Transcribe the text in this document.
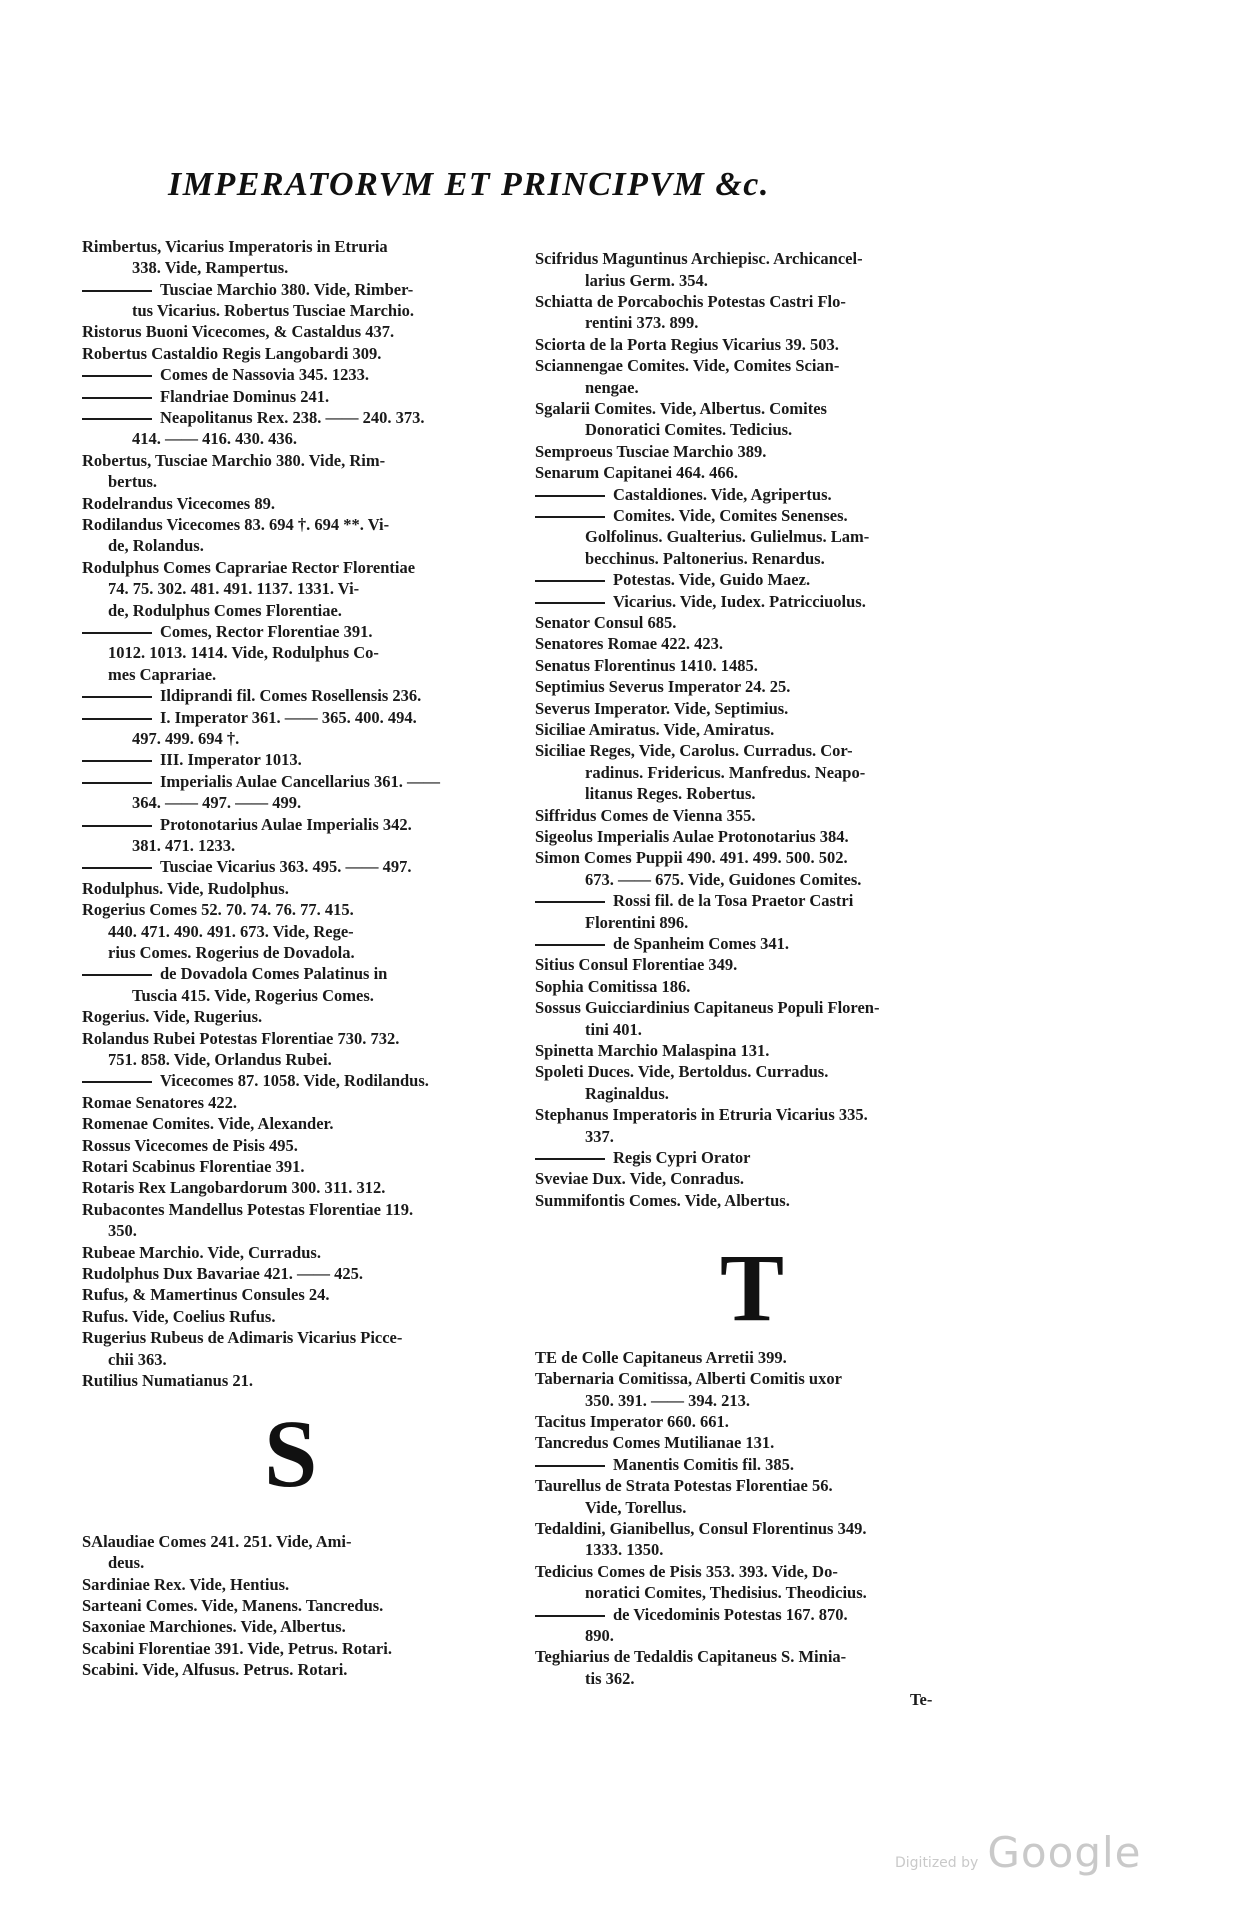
IMPERATORVM ET PRINCIPVM &c.
Rimbertus, Vicarius Imperatoris in Etruria
338. Vide, Rampertus.
Tusciae Marchio 380. Vide, Rimber-
tus Vicarius. Robertus Tusciae Marchio.
Ristorus Buoni Vicecomes, & Castaldus 437.
Robertus Castaldio Regis Langobardi 309.
Comes de Nassovia 345. 1233.
Flandriae Dominus 241.
Neapolitanus Rex. 238. —— 240. 373.
414. —— 416. 430. 436.
Robertus, Tusciae Marchio 380. Vide, Rim-
bertus.
Rodelrandus Vicecomes 89.
Rodilandus Vicecomes 83. 694 †. 694 **. Vi-
de, Rolandus.
Rodulphus Comes Caprariae Rector Florentiae
74. 75. 302. 481. 491. 1137. 1331. Vi-
de, Rodulphus Comes Florentiae.
Comes, Rector Florentiae 391.
1012. 1013. 1414. Vide, Rodulphus Co-
mes Caprariae.
Ildiprandi fil. Comes Rosellensis 236.
I. Imperator 361. —— 365. 400. 494.
497. 499. 694 †.
III. Imperator 1013.
Imperialis Aulae Cancellarius 361. ——
364. —— 497. —— 499.
Protonotarius Aulae Imperialis 342.
381. 471. 1233.
Tusciae Vicarius 363. 495. —— 497.
Rodulphus. Vide, Rudolphus.
Rogerius Comes 52. 70. 74. 76. 77. 415.
440. 471. 490. 491. 673. Vide, Rege-
rius Comes. Rogerius de Dovadola.
de Dovadola Comes Palatinus in
Tuscia 415. Vide, Rogerius Comes.
Rogerius. Vide, Rugerius.
Rolandus Rubei Potestas Florentiae 730. 732.
751. 858. Vide, Orlandus Rubei.
Vicecomes 87. 1058. Vide, Rodilandus.
Romae Senatores 422.
Romenae Comites. Vide, Alexander.
Rossus Vicecomes de Pisis 495.
Rotari Scabinus Florentiae 391.
Rotaris Rex Langobardorum 300. 311. 312.
Rubacontes Mandellus Potestas Florentiae 119.
350.
Rubeae Marchio. Vide, Curradus.
Rudolphus Dux Bavariae 421. —— 425.
Rufus, & Mamertinus Consules 24.
Rufus. Vide, Coelius Rufus.
Rugerius Rubeus de Adimaris Vicarius Picce-
chii 363.
Rutilius Numatianus 21.
S
SAlaudiae Comes 241. 251. Vide, Ami-
deus.
Sardiniae Rex. Vide, Hentius.
Sarteani Comes. Vide, Manens. Tancredus.
Saxoniae Marchiones. Vide, Albertus.
Scabini Florentiae 391. Vide, Petrus. Rotari.
Scabini. Vide, Alfusus. Petrus. Rotari.
Scifridus Maguntinus Archiepisc. Archicancel-
larius Germ. 354.
Schiatta de Porcabochis Potestas Castri Flo-
rentini 373. 899.
Sciorta de la Porta Regius Vicarius 39. 503.
Sciannengae Comites. Vide, Comites Scian-
nengae.
Sgalarii Comites. Vide, Albertus. Comites
Donoratici Comites. Tedicius.
Semproeus Tusciae Marchio 389.
Senarum Capitanei 464. 466.
Castaldiones. Vide, Agripertus.
Comites. Vide, Comites Senenses.
Golfolinus. Gualterius. Gulielmus. Lam-
becchinus. Paltonerius. Renardus.
Potestas. Vide, Guido Maez.
Vicarius. Vide, Iudex. Patricciuolus.
Senator Consul 685.
Senatores Romae 422. 423.
Senatus Florentinus 1410. 1485.
Septimius Severus Imperator 24. 25.
Severus Imperator. Vide, Septimius.
Siciliae Amiratus. Vide, Amiratus.
Siciliae Reges, Vide, Carolus. Curradus. Cor-
radinus. Fridericus. Manfredus. Neapo-
litanus Reges. Robertus.
Siffridus Comes de Vienna 355.
Sigeolus Imperialis Aulae Protonotarius 384.
Simon Comes Puppii 490. 491. 499. 500. 502.
673. —— 675. Vide, Guidones Comites.
Rossi fil. de la Tosa Praetor Castri
Florentini 896.
de Spanheim Comes 341.
Sitius Consul Florentiae 349.
Sophia Comitissa 186.
Sossus Guicciardinius Capitaneus Populi Floren-
tini 401.
Spinetta Marchio Malaspina 131.
Spoleti Duces. Vide, Bertoldus. Curradus.
Raginaldus.
Stephanus Imperatoris in Etruria Vicarius 335.
337.
Regis Cypri Orator
Sveviae Dux. Vide, Conradus.
Summifontis Comes. Vide, Albertus.
T
TE de Colle Capitaneus Arretii 399.
Tabernaria Comitissa, Alberti Comitis uxor
350. 391. —— 394. 213.
Tacitus Imperator 660. 661.
Tancredus Comes Mutilianae 131.
Manentis Comitis fil. 385.
Taurellus de Strata Potestas Florentiae 56.
Vide, Torellus.
Tedaldini, Gianibellus, Consul Florentinus 349.
1333. 1350.
Tedicius Comes de Pisis 353. 393. Vide, Do-
noratici Comites, Thedisius. Theodicius.
de Vicedominis Potestas 167. 870.
890.
Teghiarius de Tedaldis Capitaneus S. Minia-
tis 362.
Te-
Digitized by Google
